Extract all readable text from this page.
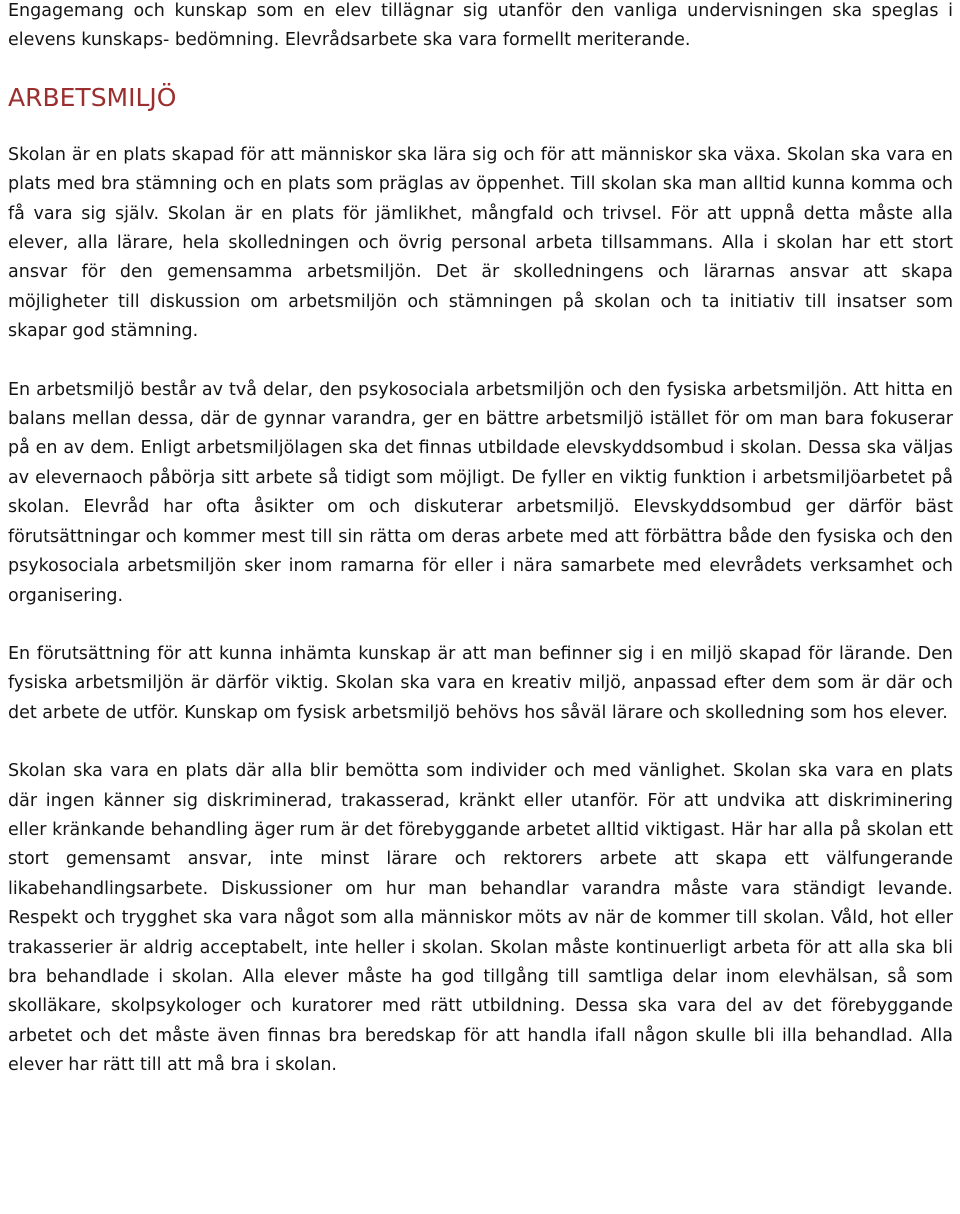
Engagemang och kunskap som en elev tillägnar sig utanför den vanliga undervisningen ska speglas i elevens kunskaps- bedömning. Elevrådsarbete ska vara formellt meriterande.

ARBETSMILJÖ

Skolan är en plats skapad för att människor ska lära sig och för att människor ska växa. Skolan ska vara en plats med bra stämning och en plats som präglas av öppenhet. Till skolan ska man alltid kunna komma och få vara sig själv. Skolan är en plats för jämlikhet, mångfald och trivsel. För att uppnå detta måste alla elever, alla lärare, hela skolledningen och övrig personal arbeta tillsammans. Alla i skolan har ett stort ansvar för den gemensamma arbetsmiljön. Det är skolledningens och lärarnas ansvar att skapa möjligheter till diskussion om arbetsmiljön och stämningen på skolan och ta initiativ till insatser som skapar god stämning.

En arbetsmiljö består av två delar, den psykosociala arbetsmiljön och den fysiska arbetsmiljön. Att hitta en balans mellan dessa, där de gynnar varandra, ger en bättre arbetsmiljö istället för om man bara fokuserar på en av dem. Enligt arbetsmiljölagen ska det finnas utbildade elevskyddsombud i skolan. Dessa ska väljas av elevernaoch påbörja sitt arbete så tidigt som möjligt. De fyller en viktig funktion i arbetsmiljöarbetet på skolan. Elevråd har ofta åsikter om och diskuterar arbetsmiljö. Elevskyddsombud ger därför bäst förutsättningar och kommer mest till sin rätta om deras arbete med att förbättra både den fysiska och den psykosociala arbetsmiljön sker inom ramarna för eller i nära samarbete med elevrådets verksamhet och organisering.

En förutsättning för att kunna inhämta kunskap är att man befinner sig i en miljö skapad för lärande. Den fysiska arbetsmiljön är därför viktig. Skolan ska vara en kreativ miljö, anpassad efter dem som är där och det arbete de utför. Kunskap om fysisk arbetsmiljö behövs hos såväl lärare och skolledning som hos elever.

Skolan ska vara en plats där alla blir bemötta som individer och med vänlighet. Skolan ska vara en plats där ingen känner sig diskriminerad, trakasserad, kränkt eller utanför. För att undvika att diskriminering eller kränkande behandling äger rum är det förebyggande arbetet alltid viktigast. Här har alla på skolan ett stort gemensamt ansvar, inte minst lärare och rektorers arbete att skapa ett välfungerande likabehandlingsarbete. Diskussioner om hur man behandlar varandra måste vara ständigt levande. Respekt och trygghet ska vara något som alla människor möts av när de kommer till skolan. Våld, hot eller trakasserier är aldrig acceptabelt, inte heller i skolan. Skolan måste kontinuerligt arbeta för att alla ska bli bra behandlade i skolan. Alla elever måste ha god tillgång till samtliga delar inom elevhälsan, så som skolläkare, skolpsykologer och kuratorer med rätt utbildning. Dessa ska vara del av det förebyggande arbetet och det måste även finnas bra beredskap för att handla ifall någon skulle bli illa behandlad. Alla elever har rätt till att må bra i skolan.
